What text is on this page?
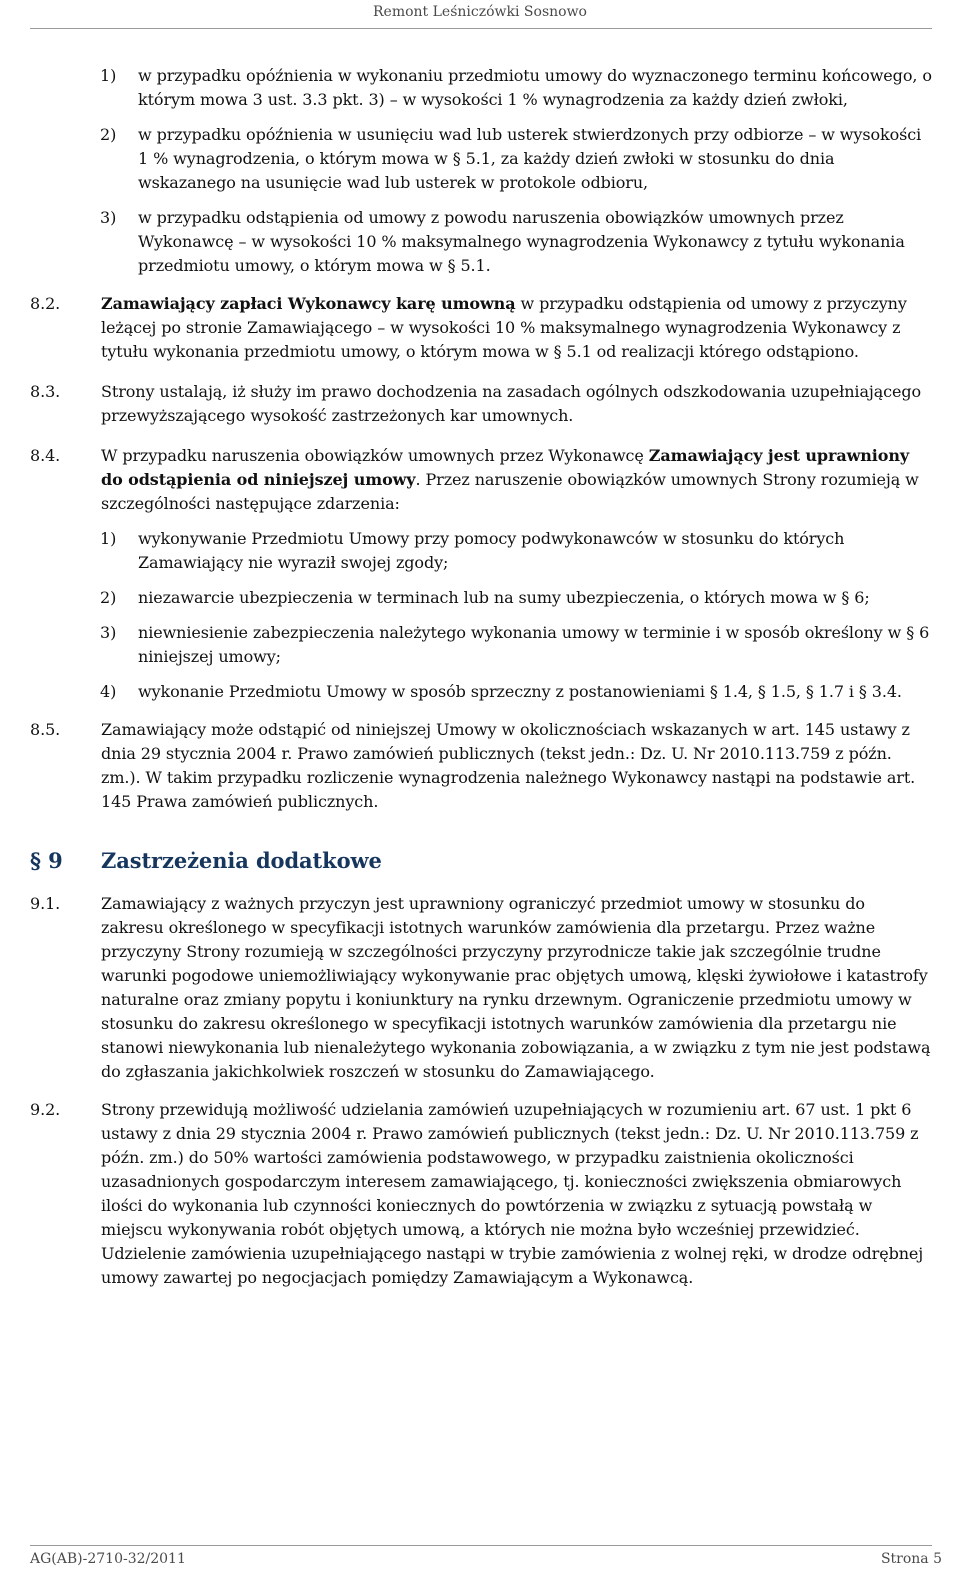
Remont Leśniczówki Sosnowo
1) w przypadku opóźnienia w wykonaniu przedmiotu umowy do wyznaczonego terminu końcowego, o którym mowa 3 ust. 3.3 pkt. 3) – w wysokości 1 % wynagrodzenia za każdy dzień zwłoki,
2) w przypadku opóźnienia w usunięciu wad lub usterek stwierdzonych przy odbiorze – w wysokości 1 % wynagrodzenia, o którym mowa w § 5.1, za każdy dzień zwłoki w stosunku do dnia wskazanego na usunięcie wad lub usterek w protokole odbioru,
3) w przypadku odstąpienia od umowy z powodu naruszenia obowiązków umownych przez Wykonawcę – w wysokości 10 % maksymalnego wynagrodzenia Wykonawcy z tytułu wykonania przedmiotu umowy, o którym mowa w § 5.1.
8.2.	Zamawiający zapłaci Wykonawcy karę umowną w przypadku odstąpienia od umowy z przyczyny leżącej po stronie Zamawiającego – w wysokości 10 % maksymalnego wynagrodzenia Wykonawcy z tytułu wykonania przedmiotu umowy, o którym mowa w § 5.1 od realizacji którego odstąpiono.
8.3.	Strony ustalają, iż służy im prawo dochodzenia na zasadach ogólnych odszkodowania uzupełniającego przewyższającego wysokość zastrzeżonych kar umownych.
8.4.	W przypadku naruszenia obowiązków umownych przez Wykonawcę Zamawiający jest uprawniony do odstąpienia od niniejszej umowy. Przez naruszenie obowiązków umownych Strony rozumieją w szczególności następujące zdarzenia:
1) wykonywanie Przedmiotu Umowy przy pomocy podwykonawców w stosunku do których Zamawiający nie wyraził swojej zgody;
2) niezawarcie ubezpieczenia w terminach lub na sumy ubezpieczenia, o których mowa w § 6;
3) niewniesienie zabezpieczenia należytego wykonania umowy w terminie i w sposób określony w § 6 niniejszej umowy;
4) wykonanie Przedmiotu Umowy w sposób sprzeczny z postanowieniami § 1.4, § 1.5, § 1.7 i § 3.4.
8.5.	Zamawiający może odstąpić od niniejszej Umowy w okolicznościach wskazanych w art. 145 ustawy z dnia 29 stycznia 2004 r. Prawo zamówień publicznych (tekst jedn.: Dz. U. Nr 2010.113.759 z późn. zm.). W takim przypadku rozliczenie wynagrodzenia należnego Wykonawcy nastąpi na podstawie art. 145 Prawa zamówień publicznych.
§ 9 Zastrzeżenia dodatkowe
9.1.	Zamawiający z ważnych przyczyn jest uprawniony ograniczyć przedmiot umowy w stosunku do zakresu określonego w specyfikacji istotnych warunków zamówienia dla przetargu. Przez ważne przyczyny Strony rozumieją w szczególności przyczyny przyrodnicze takie jak szczególnie trudne warunki pogodowe uniemożliwiający wykonywanie prac objętych umową, klęski żywiołowe i katastrofy naturalne oraz zmiany popytu i koniunktury na rynku drzewnym. Ograniczenie przedmiotu umowy w stosunku do zakresu określonego w specyfikacji istotnych warunków zamówienia dla przetargu nie stanowi niewykonania lub nienależytego wykonania zobowiązania, a w związku z tym nie jest podstawą do zgłaszania jakichkolwiek roszczeń w stosunku do Zamawiającego.
9.2.	Strony przewidują możliwość udzielania zamówień uzupełniających w rozumieniu art. 67 ust. 1 pkt 6 ustawy z dnia 29 stycznia 2004 r. Prawo zamówień publicznych (tekst jedn.: Dz. U. Nr 2010.113.759 z późn. zm.) do 50% wartości zamówienia podstawowego, w przypadku zaistnienia okoliczności uzasadnionych gospodarczym interesem zamawiającego, tj. konieczności zwiększenia obmiarowych ilości do wykonania lub czynności koniecznych do powtórzenia w związku z sytuacją powstałą w miejscu wykonywania robót objętych umową, a których nie można było wcześniej przewidzieć. Udzielenie zamówienia uzupełniającego nastąpi w trybie zamówienia z wolnej ręki, w drodze odrębnej umowy zawartej po negocjacjach pomiędzy Zamawiającym a Wykonawcą.
AG(AB)-2710-32/2011	Strona 5
